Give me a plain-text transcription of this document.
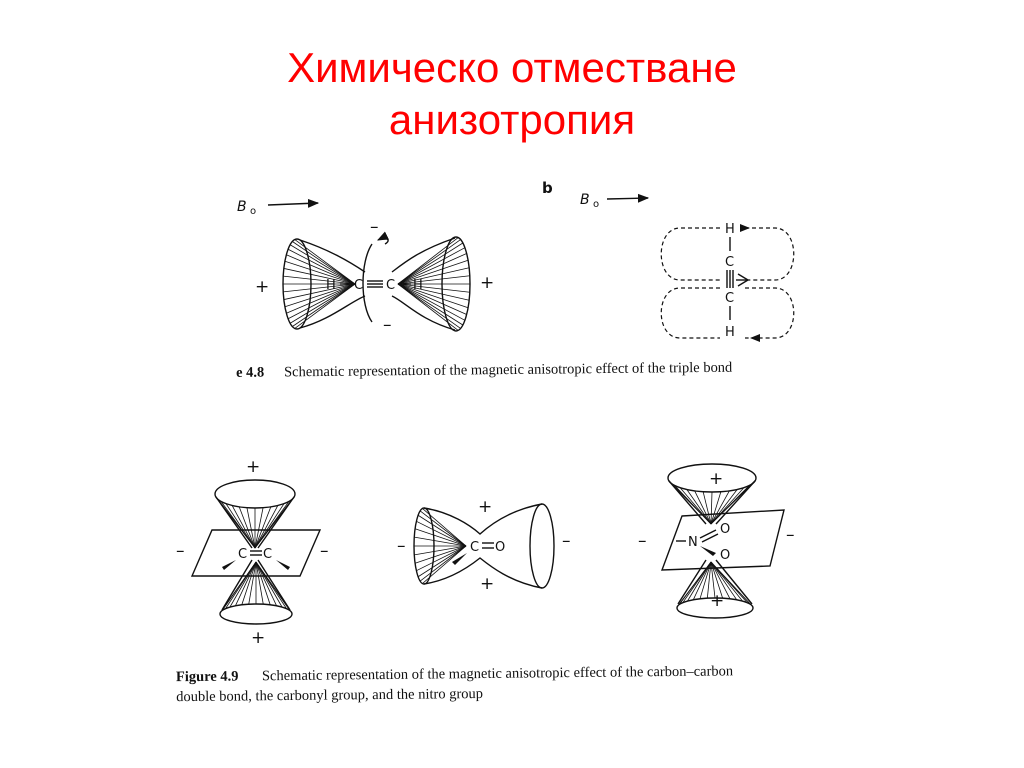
Химическо отместване
анизотропия
B o
H C C H
+	+
–
–
b
B o
H
C
C
H
e 4.8 Schematic representation of the magnetic anisotropic effect of the triple bond
C C
+
+
–	–	C O
+
+
–	–	N
O
O
+
+
–	–
Figure 4.9 Schematic representation of the magnetic anisotropic effect of the carbon–carbon
double bond, the carbonyl group, and the nitro group
